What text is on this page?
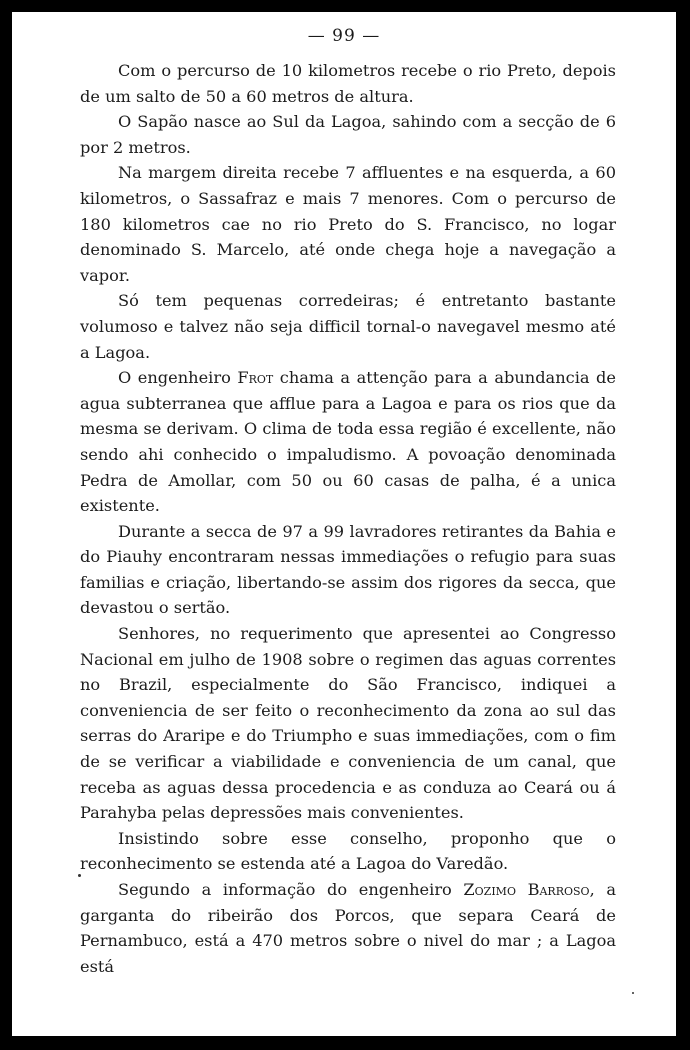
— 99 —

Com o percurso de 10 kilometros recebe o rio Preto, depois de um salto de 50 a 60 metros de altura.

O Sapão nasce ao Sul da Lagoa, sahindo com a secção de 6 por 2 metros.

Na margem direita recebe 7 affluentes e na esquerda, a 60 kilometros, o Sassafraz e mais 7 menores. Com o percurso de 180 kilometros cae no rio Preto do S. Francisco, no logar denominado S. Marcelo, até onde chega hoje a navegação a vapor.

Só tem pequenas corredeiras; é entretanto bastante volumoso e talvez não seja difficil tornal-o navegavel mesmo até a Lagoa.

O engenheiro Frot chama a attenção para a abundancia de agua subterranea que afflue para a Lagoa e para os rios que da mesma se derivam. O clima de toda essa região é excellente, não sendo ahi conhecido o impaludismo. A povoação denominada Pedra de Amollar, com 50 ou 60 casas de palha, é a unica existente.

Durante a secca de 97 a 99 lavradores retirantes da Bahia e do Piauhy encontraram nessas immediações o refugio para suas familias e criação, libertando-se assim dos rigores da secca, que devastou o sertão.

Senhores, no requerimento que apresentei ao Congresso Nacional em julho de 1908 sobre o regimen das aguas correntes no Brazil, especialmente do São Francisco, indiquei a conveniencia de ser feito o reconhecimento da zona ao sul das serras do Araripe e do Triumpho e suas immediações, com o fim de se verificar a viabilidade e conveniencia de um canal, que receba as aguas dessa procedencia e as conduza ao Ceará ou á Parahyba pelas depressões mais convenientes.

Insistindo sobre esse conselho, proponho que o reconhecimento se estenda até a Lagoa do Varedão.

Segundo a informação do engenheiro Zozimo Barroso, a garganta do ribeirão dos Porcos, que separa Ceará de Pernambuco, está a 470 metros sobre o nivel do mar ; a Lagoa está
